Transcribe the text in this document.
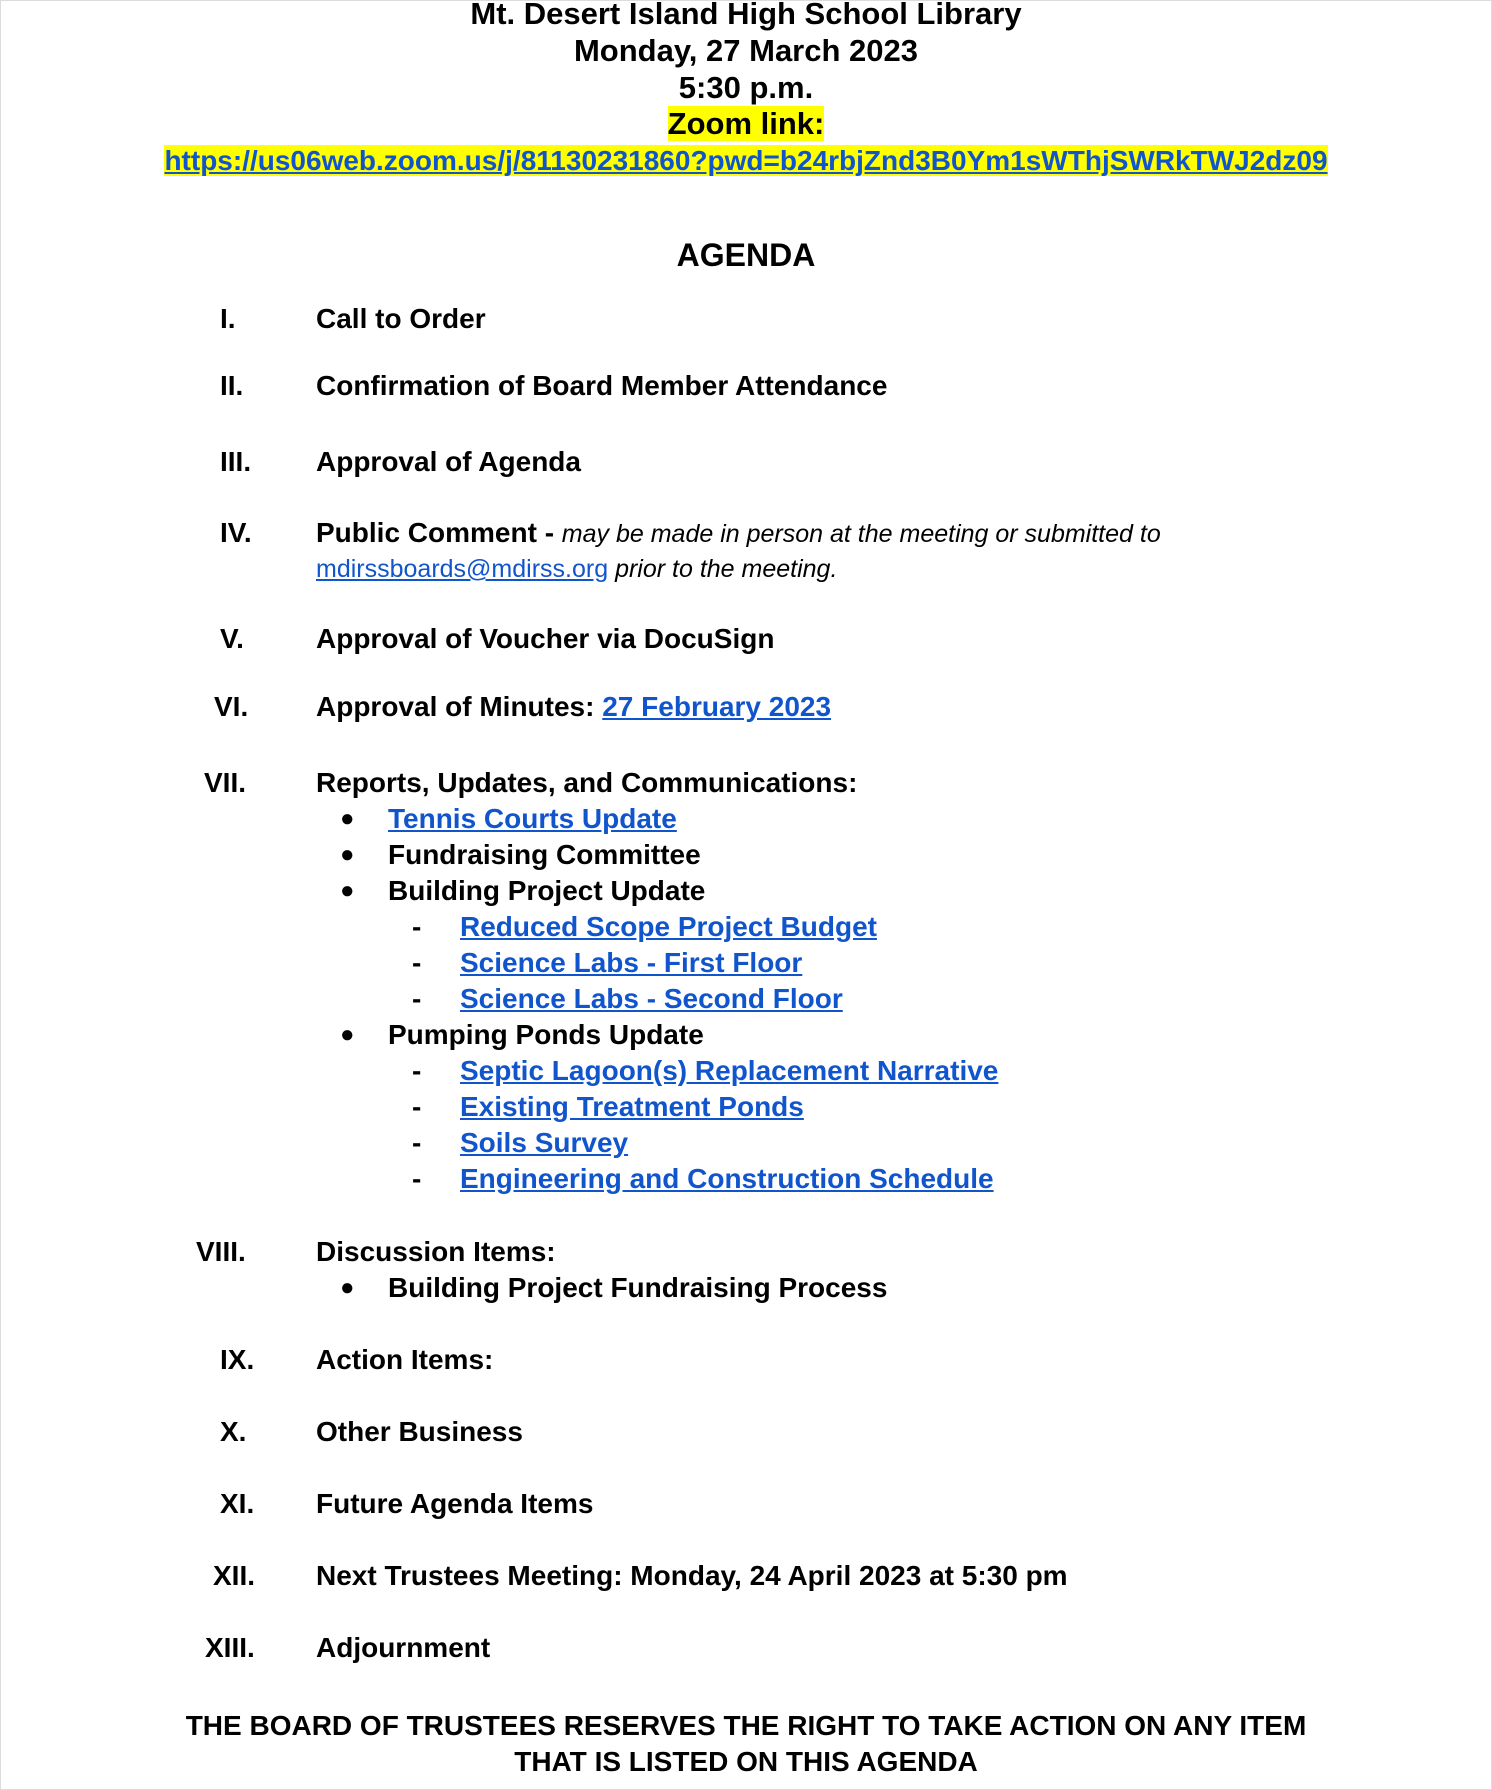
Mt. Desert Island High School Library
Monday, 27 March 2023
5:30 p.m.
Zoom link:
https://us06web.zoom.us/j/81130231860?pwd=b24rbjZnd3B0Ym1sWThjSWRkTWJ2dz09
AGENDA
I.	Call to Order
II.	Confirmation of Board Member Attendance
III. Approval of Agenda
IV. Public Comment - may be made in person at the meeting or submitted to
mdirssboards@mdirss.org prior to the meeting.
V.	Approval of Voucher via DocuSign
VI. Approval of Minutes: 27 February 2023
VII. Reports, Updates, and Communications:
● Tennis Courts Update
● Fundraising Committee
● Building Project Update
- Reduced Scope Project Budget
- Science Labs - First Floor
- Science Labs - Second Floor
● Pumping Ponds Update
- Septic Lagoon(s) Replacement Narrative
- Existing Treatment Ponds
- Soils Survey
- Engineering and Construction Schedule
VIII.	Discussion Items:
● Building Project Fundraising Process
IX. Action Items:
X. Other Business
XI. Future Agenda Items
XII. Next Trustees Meeting: Monday, 24 April 2023 at 5:30 pm
XIII. Adjournment
THE BOARD OF TRUSTEES RESERVES THE RIGHT TO TAKE ACTION ON ANY ITEM
THAT IS LISTED ON THIS AGENDA
